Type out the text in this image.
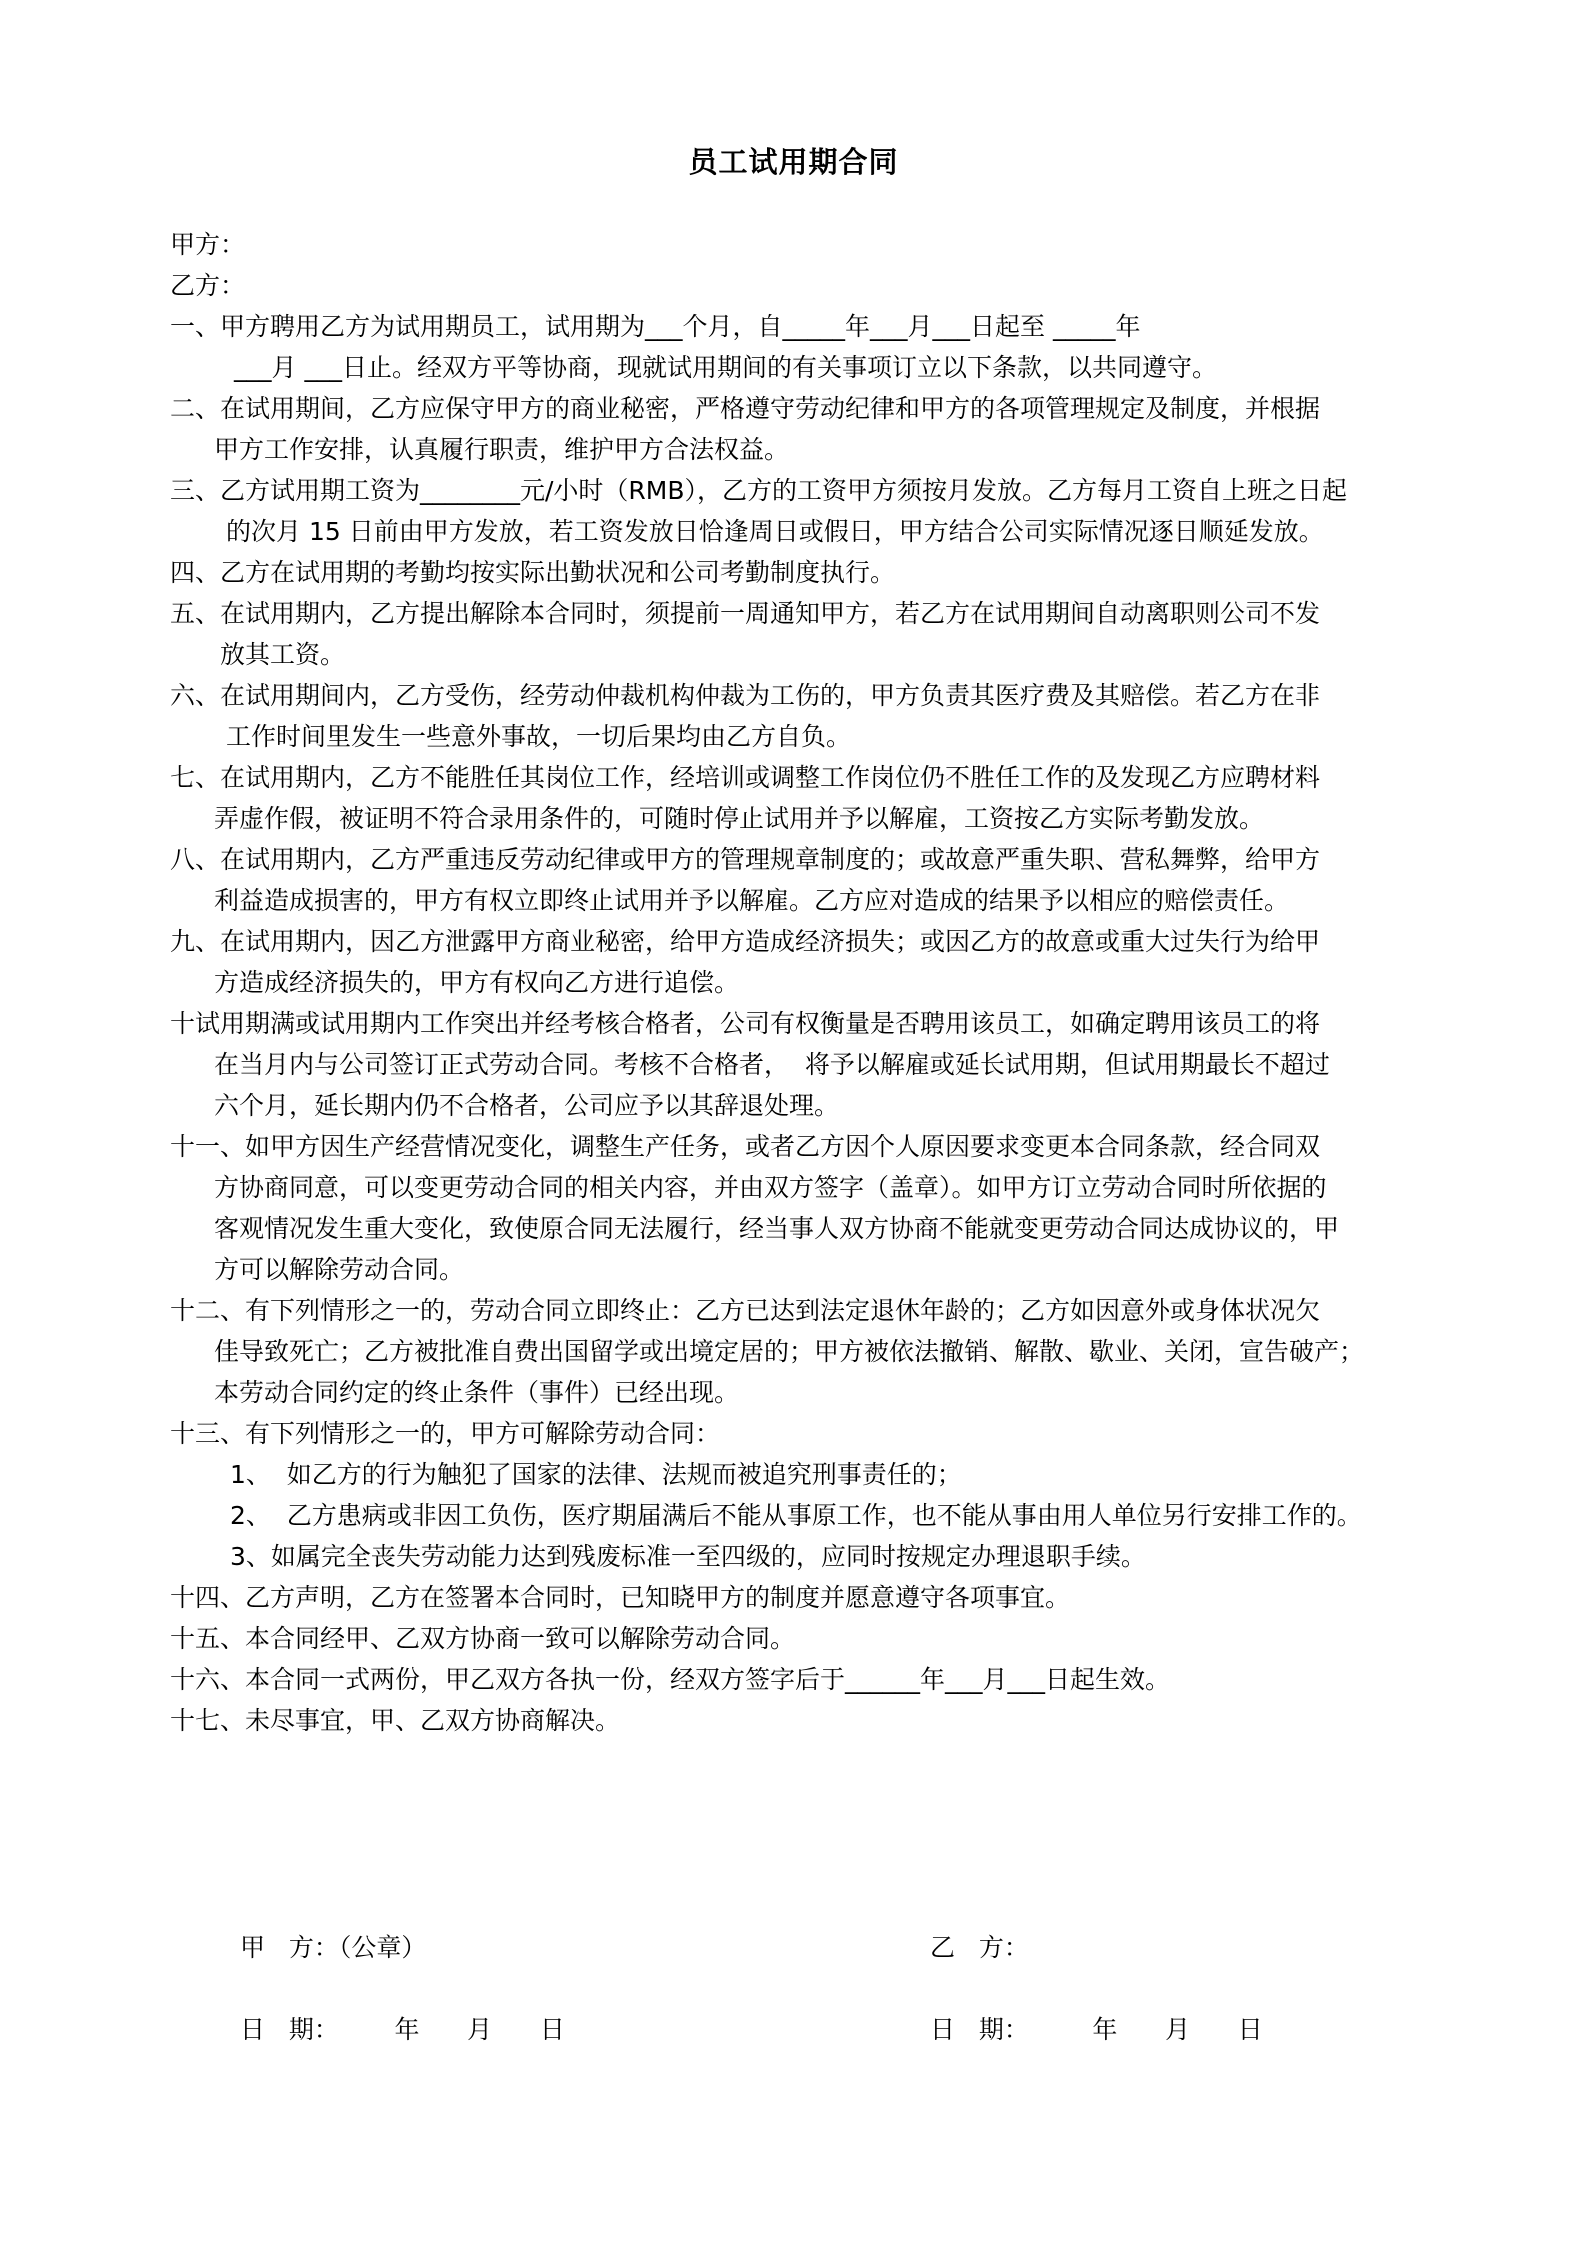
员工试用期合同
甲方：
乙方：
一、甲方聘用乙方为试用期员工，试用期为___个月，自_____年___月___日起至 _____年
___月 ___日止。经双方平等协商，现就试用期间的有关事项订立以下条款，以共同遵守。
二、在试用期间，乙方应保守甲方的商业秘密，严格遵守劳动纪律和甲方的各项管理规定及制度，并根据
甲方工作安排，认真履行职责，维护甲方合法权益。
三、乙方试用期工资为________元/小时（RMB），乙方的工资甲方须按月发放。乙方每月工资自上班之日起
的次月 15 日前由甲方发放，若工资发放日恰逢周日或假日，甲方结合公司实际情况逐日顺延发放。
四、乙方在试用期的考勤均按实际出勤状况和公司考勤制度执行。
五、在试用期内，乙方提出解除本合同时，须提前一周通知甲方，若乙方在试用期间自动离职则公司不发
放其工资。
六、在试用期间内，乙方受伤，经劳动仲裁机构仲裁为工伤的，甲方负责其医疗费及其赔偿。若乙方在非
工作时间里发生一些意外事故，一切后果均由乙方自负。
七、在试用期内，乙方不能胜任其岗位工作，经培训或调整工作岗位仍不胜任工作的及发现乙方应聘材料
弄虚作假，被证明不符合录用条件的，可随时停止试用并予以解雇，工资按乙方实际考勤发放。
八、在试用期内，乙方严重违反劳动纪律或甲方的管理规章制度的；或故意严重失职、营私舞弊，给甲方
利益造成损害的，甲方有权立即终止试用并予以解雇。乙方应对造成的结果予以相应的赔偿责任。
九、在试用期内，因乙方泄露甲方商业秘密，给甲方造成经济损失；或因乙方的故意或重大过失行为给甲
方造成经济损失的，甲方有权向乙方进行追偿。
十试用期满或试用期内工作突出并经考核合格者，公司有权衡量是否聘用该员工，如确定聘用该员工的将
在当月内与公司签订正式劳动合同。考核不合格者，  将予以解雇或延长试用期，但试用期最长不超过
六个月，延长期内仍不合格者，公司应予以其辞退处理。
十一、如甲方因生产经营情况变化，调整生产任务，或者乙方因个人原因要求变更本合同条款，经合同双
方协商同意，可以变更劳动合同的相关内容，并由双方签字（盖章）。如甲方订立劳动合同时所依据的
客观情况发生重大变化，致使原合同无法履行，经当事人双方协商不能就变更劳动合同达成协议的，甲
方可以解除劳动合同。
十二、有下列情形之一的，劳动合同立即终止：乙方已达到法定退休年龄的；乙方如因意外或身体状况欠
佳导致死亡；乙方被批准自费出国留学或出境定居的；甲方被依法撤销、解散、歇业、关闭，宣告破产；
本劳动合同约定的终止条件（事件）已经出现。
十三、有下列情形之一的，甲方可解除劳动合同：
1、  如乙方的行为触犯了国家的法律、法规而被追究刑事责任的；
2、  乙方患病或非因工负伤，医疗期届满后不能从事原工作，也不能从事由用人单位另行安排工作的。
3、如属完全丧失劳动能力达到残废标准一至四级的，应同时按规定办理退职手续。
十四、乙方声明，乙方在签署本合同时，已知晓甲方的制度并愿意遵守各项事宜。
十五、本合同经甲、乙双方协商一致可以解除劳动合同。
十六、本合同一式两份，甲乙双方各执一份，经双方签字后于______年___月___日起生效。
十七、未尽事宜，甲、乙双方协商解决。
甲   方：（公章）
日   期：       年      月      日
乙   方：
日   期：        年      月      日
